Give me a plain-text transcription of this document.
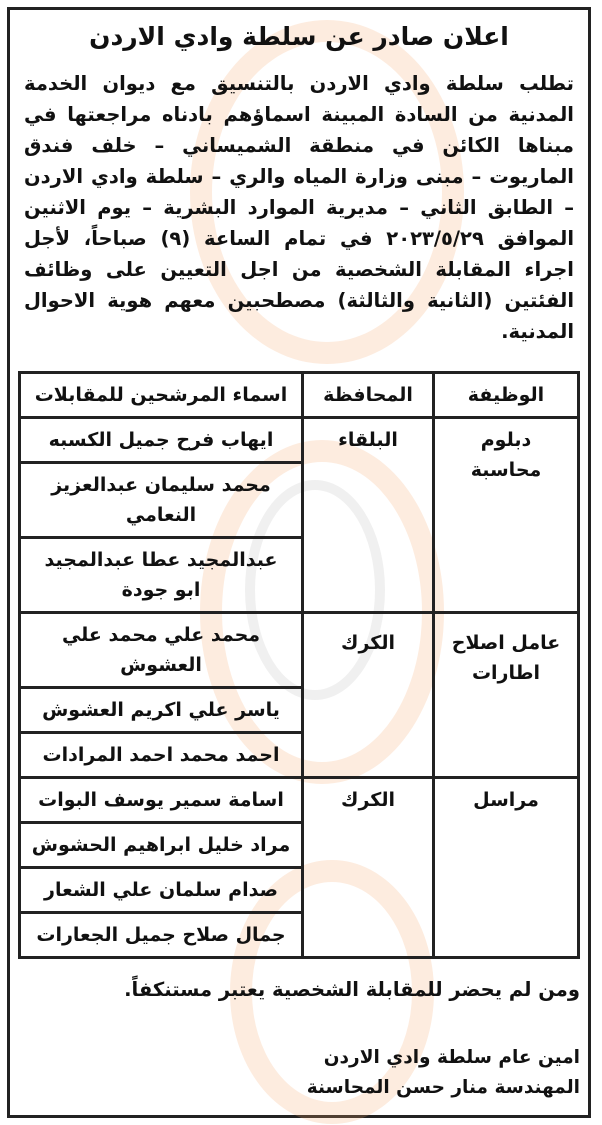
اعلان صادر عن سلطة وادي الاردن
تطلب سلطة وادي الاردن بالتنسيق مع ديوان الخدمة المدنية من السادة المبينة اسماؤهم بادناه مراجعتها في مبناها الكائن في منطقة الشميساني – خلف فندق الماريوت – مبنى وزارة المياه والري – سلطة وادي الاردن – الطابق الثاني – مديرية الموارد البشرية – يوم الاثنين الموافق ٢٠٢٣/٥/٢٩ في تمام الساعة (٩) صباحاً، لأجل اجراء المقابلة الشخصية من اجل التعيين على وظائف الفئتين (الثانية والثالثة) مصطحبين معهم هوية الاحوال المدنية.
الوظيفة	المحافظة	اسماء المرشحين للمقابلات
دبلوم محاسبة	البلقاء	ايهاب فرح جميل الكسبه
		محمد سليمان عبدالعزيز النعامي
		عبدالمجيد عطا عبدالمجيد ابو جودة
عامل اصلاح اطارات	الكرك	محمد علي محمد علي العشوش
		ياسر علي اكريم العشوش
		احمد محمد احمد المرادات
مراسل	الكرك	اسامة سمير يوسف البوات
		مراد خليل ابراهيم الحشوش
		صدام سلمان علي الشعار
		جمال صلاح جميل الجعارات
ومن لم يحضر للمقابلة الشخصية يعتبر مستنكفاً.
امين عام سلطة وادي الاردن
المهندسة منار حسن المحاسنة
